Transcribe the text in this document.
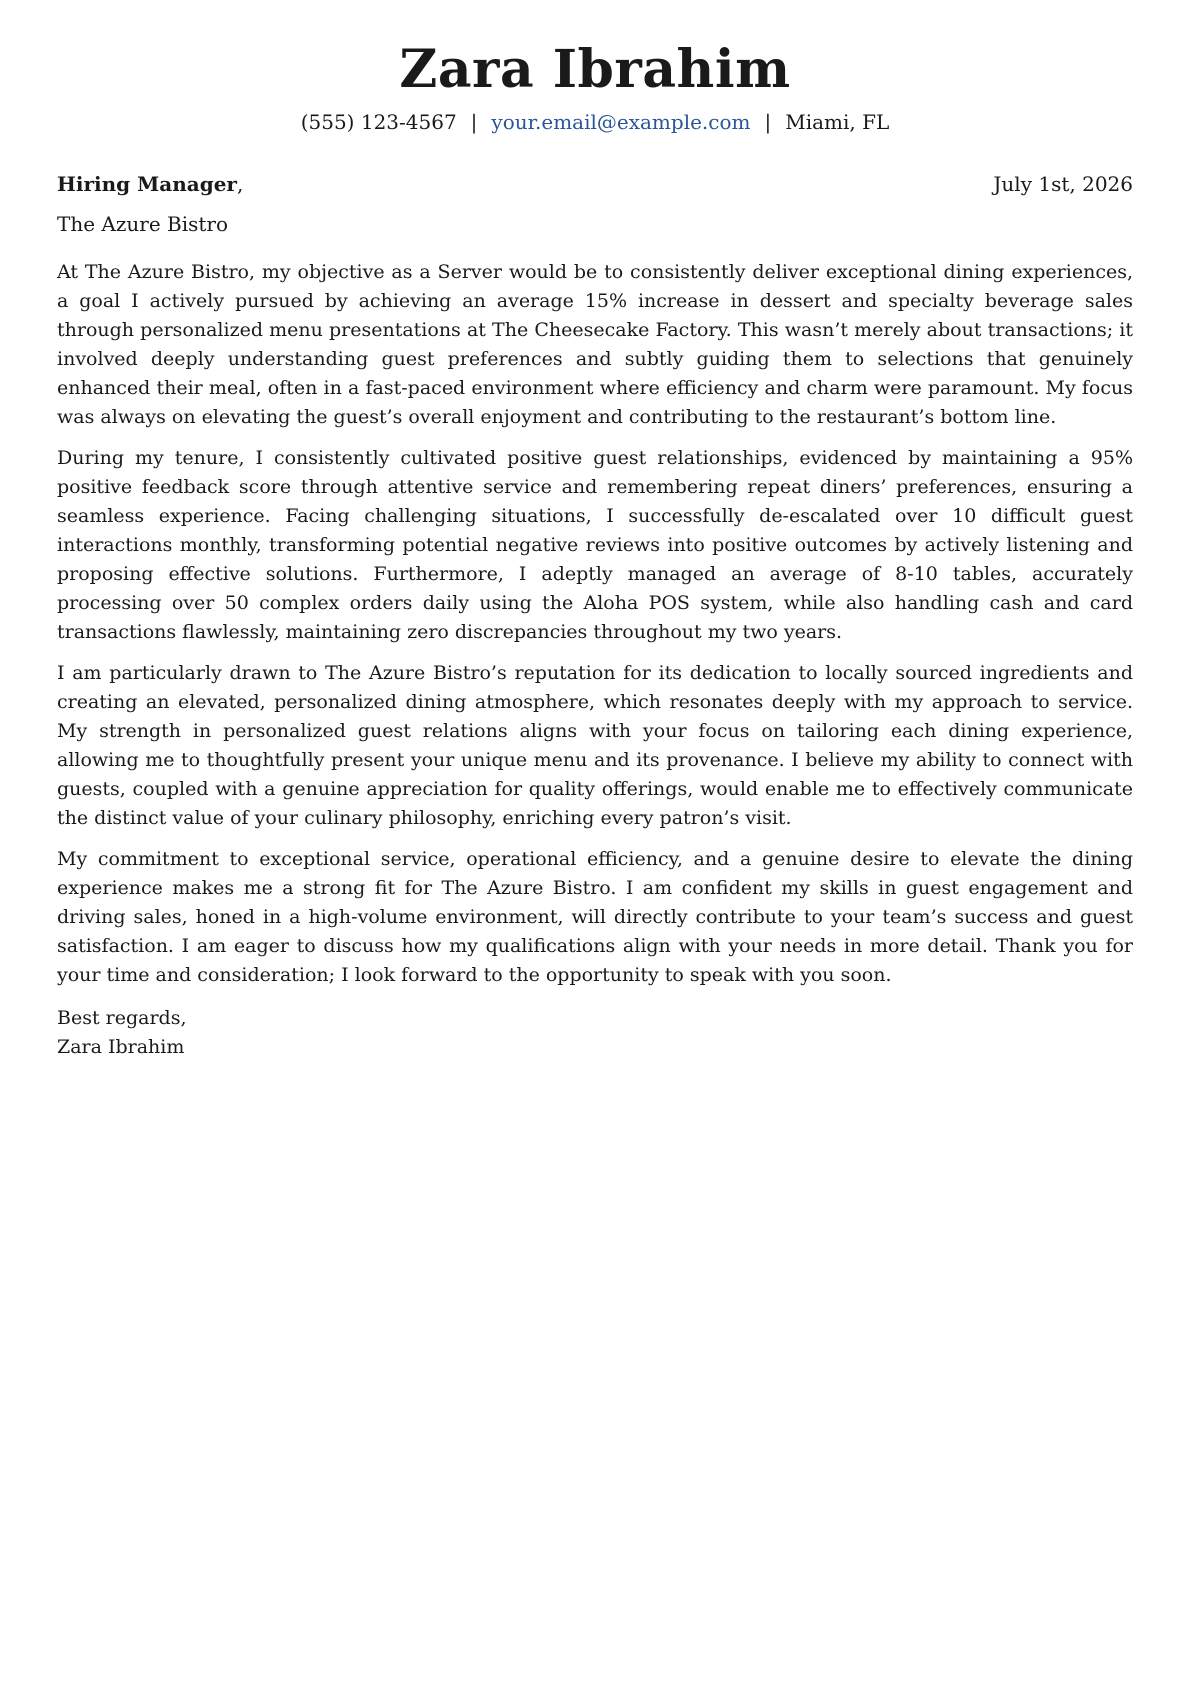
Zara Ibrahim
(555) 123-4567 | your.email@example.com | Miami, FL
Hiring Manager,	July 1st, 2026
The Azure Bistro

At The Azure Bistro, my objective as a Server would be to consistently deliver exceptional dining experiences, a goal I actively pursued by achieving an average 15% increase in dessert and specialty beverage sales through personalized menu presentations at The Cheesecake Factory. This wasn’t merely about transactions; it involved deeply understanding guest preferences and subtly guiding them to selections that genuinely enhanced their meal, often in a fast-paced environment where efficiency and charm were paramount. My focus was always on elevating the guest’s overall enjoyment and contributing to the restaurant’s bottom line.

During my tenure, I consistently cultivated positive guest relationships, evidenced by maintaining a 95% positive feedback score through attentive service and remembering repeat diners’ preferences, ensuring a seamless experience. Facing challenging situations, I successfully de-escalated over 10 difficult guest interactions monthly, transforming potential negative reviews into positive outcomes by actively listening and proposing effective solutions. Furthermore, I adeptly managed an average of 8-10 tables, accurately processing over 50 complex orders daily using the Aloha POS system, while also handling cash and card transactions flawlessly, maintaining zero discrepancies throughout my two years.

I am particularly drawn to The Azure Bistro’s reputation for its dedication to locally sourced ingredients and creating an elevated, personalized dining atmosphere, which resonates deeply with my approach to service. My strength in personalized guest relations aligns with your focus on tailoring each dining experience, allowing me to thoughtfully present your unique menu and its provenance. I believe my ability to connect with guests, coupled with a genuine appreciation for quality offerings, would enable me to effectively communicate the distinct value of your culinary philosophy, enriching every patron’s visit.

My commitment to exceptional service, operational efficiency, and a genuine desire to elevate the dining experience makes me a strong fit for The Azure Bistro. I am confident my skills in guest engagement and driving sales, honed in a high-volume environment, will directly contribute to your team’s success and guest satisfaction. I am eager to discuss how my qualifications align with your needs in more detail. Thank you for your time and consideration; I look forward to the opportunity to speak with you soon.

Best regards,
Zara Ibrahim
